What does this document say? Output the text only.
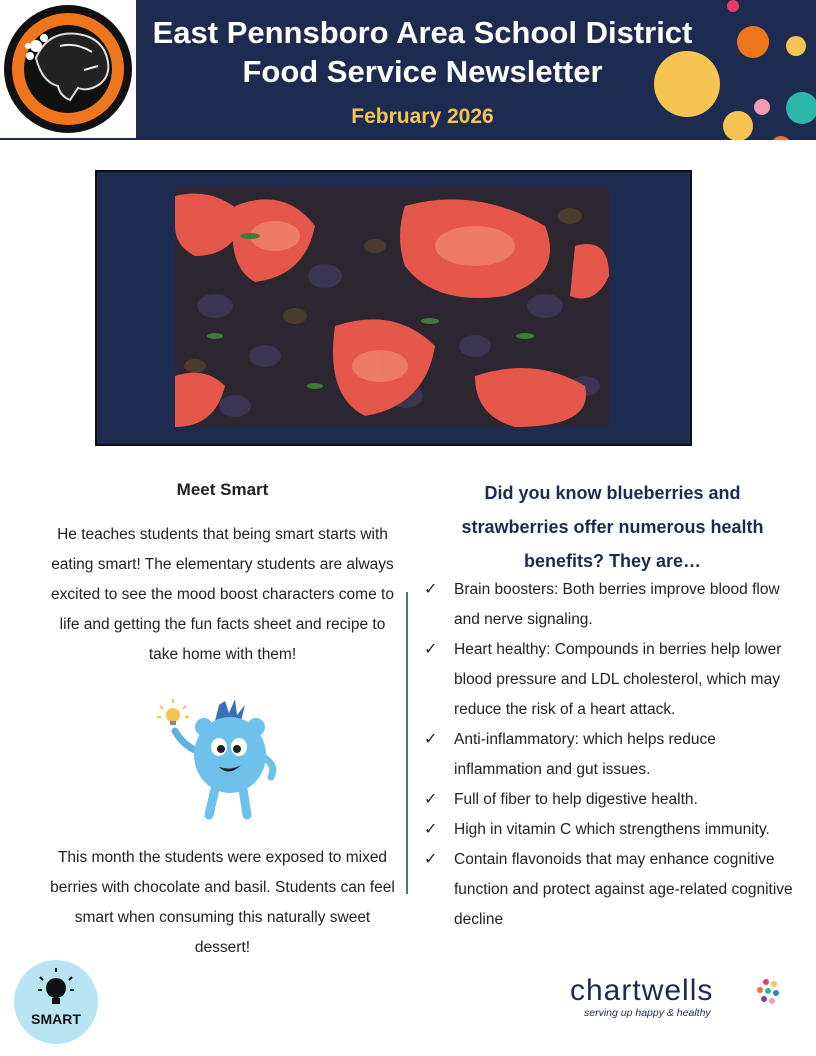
East Pennsboro Area School District
Food Service Newsletter
February 2026
Meet Smart
He teaches students that being smart starts with eating smart! The elementary students are always excited to see the mood boost characters come to life and getting the fun facts sheet and recipe to take home with them!
This month the students were exposed to mixed berries with chocolate and basil. Students can feel smart when consuming this naturally sweet dessert!
Did you know blueberries and strawberries offer numerous health benefits? They are…
✓ Brain boosters: Both berries improve blood flow and nerve signaling.
✓ Heart healthy: Compounds in berries help lower blood pressure and LDL cholesterol, which may reduce the risk of a heart attack.
✓ Anti-inflammatory: which helps reduce inflammation and gut issues.
✓ Full of fiber to help digestive health.
✓ High in vitamin C which strengthens immunity.
✓ Contain flavonoids that may enhance cognitive function and protect against age-related cognitive decline
SMART
chartwells
serving up happy & healthy
